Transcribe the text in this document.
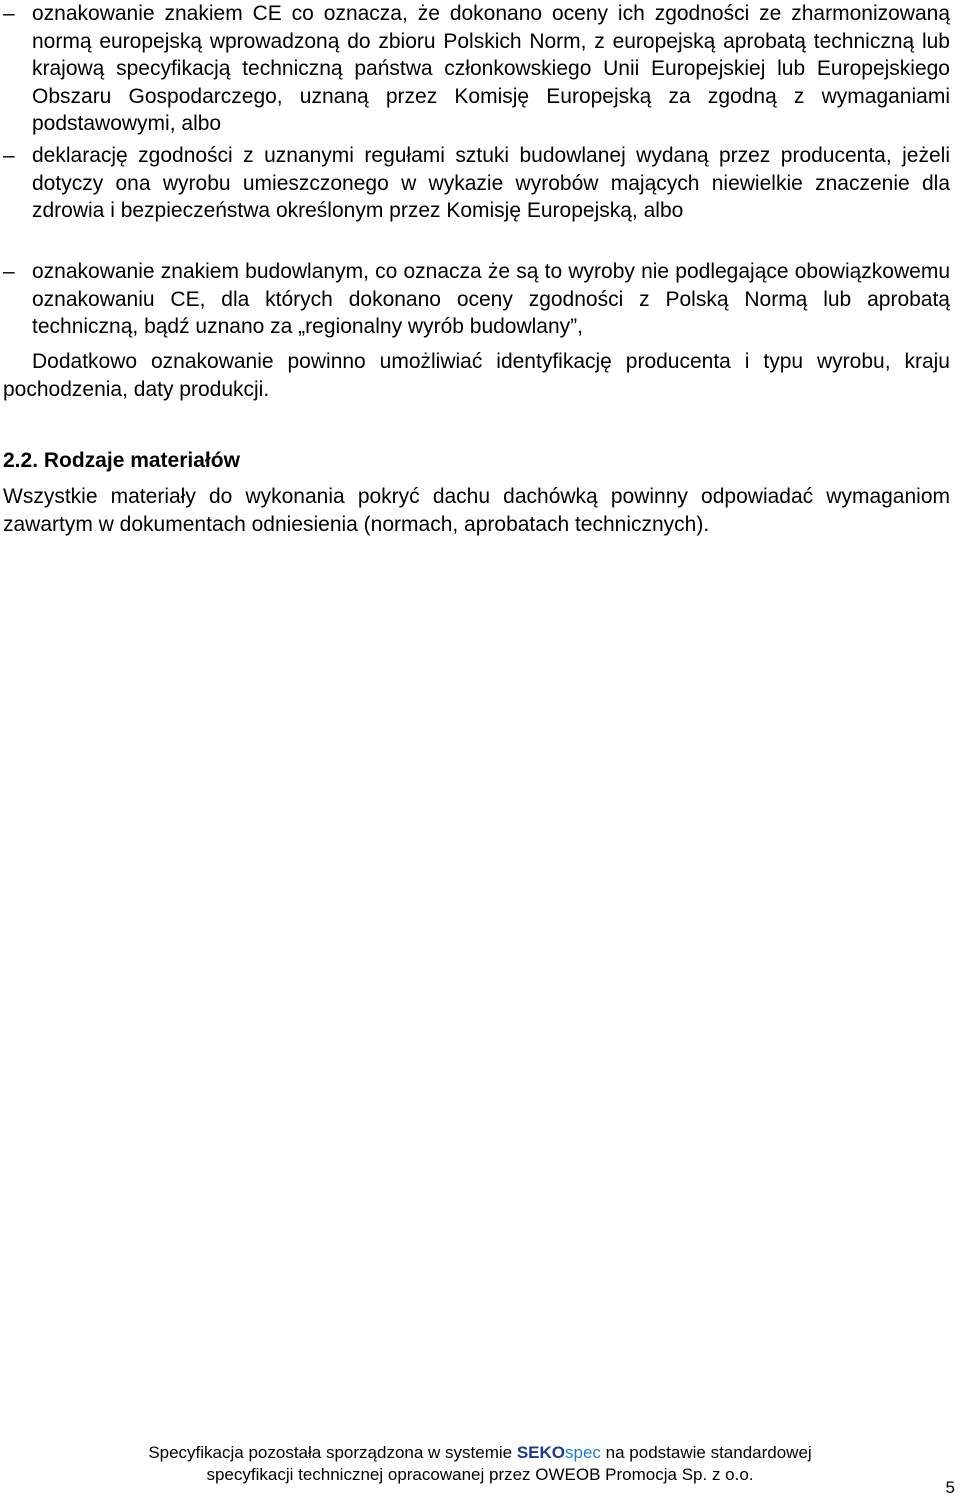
– oznakowanie znakiem CE co oznacza, że dokonano oceny ich zgodności ze zharmonizowaną normą europejską wprowadzoną do zbioru Polskich Norm, z europejską aprobatą techniczną lub krajową specyfikacją techniczną państwa członkowskiego Unii Europejskiej lub Europejskiego Obszaru Gospodarczego, uznaną przez Komisję Europejską za zgodną z wymaganiami podstawowymi, albo
– deklarację zgodności z uznanymi regułami sztuki budowlanej wydaną przez producenta, jeżeli dotyczy ona wyrobu umieszczonego w wykazie wyrobów mających niewielkie znaczenie dla zdrowia i bezpieczeństwa określonym przez Komisję Europejską, albo
– oznakowanie znakiem budowlanym, co oznacza że są to wyroby nie podlegające obowiązkowemu oznakowaniu CE, dla których dokonano oceny zgodności z Polską Normą lub aprobatą techniczną, bądź uznano za „regionalny wyrób budowlany”,
Dodatkowo oznakowanie powinno umożliwiać identyfikację producenta i typu wyrobu, kraju pochodzenia, daty produkcji.
2.2. Rodzaje materiałów
Wszystkie materiały do wykonania pokryć dachu dachówką powinny odpowiadać wymaganiom zawartym w dokumentach odniesienia (normach, aprobatach technicznych).
Specyfikacja pozostała sporządzona w systemie SEKOspec na podstawie standardowej
specyfikacji technicznej opracowanej przez OWEOB Promocja Sp. z o.o.
5
